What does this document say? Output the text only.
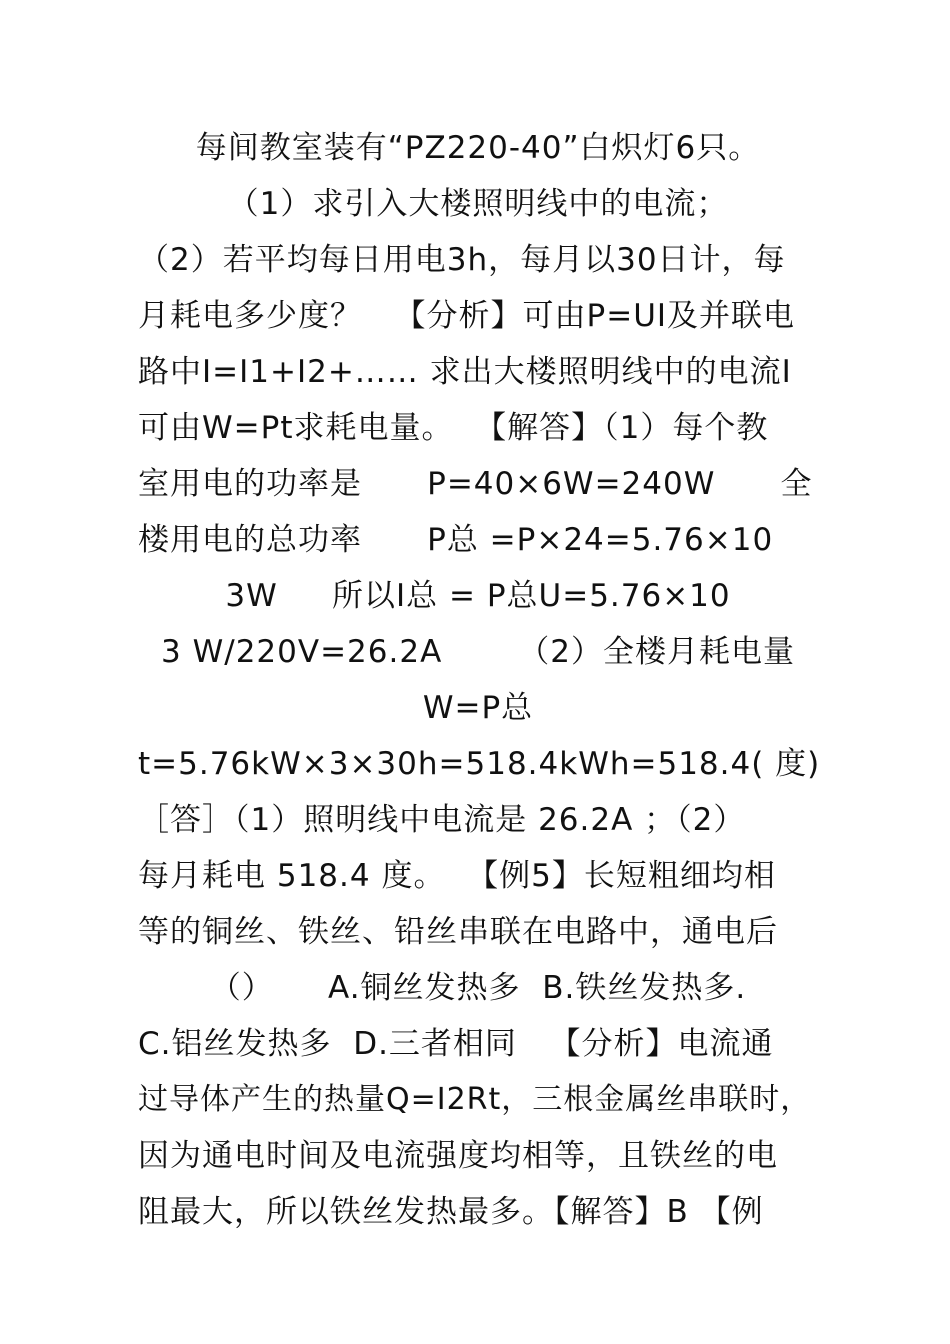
每间教室装有“PZ220-40”白炽灯6只。
（1）求引入大楼照明线中的电流；
（2）若平均每日用电3h，每月以30日计，每
月耗电多少度？   【分析】可由P=UI及并联电
路中I=I1+I2+…… 求出大楼照明线中的电流I
可由W=Pt求耗电量。  【解答】（1）每个教
室用电的功率是      P=40×6W=240W      全
楼用电的总功率      P总 =P×24=5.76×10
3W     所以I总 = P总U=5.76×10
3 W/220V=26.2A       （2）全楼月耗电量
W=P总
t=5.76kW×3×30h=518.4kWh=518.4( 度)
［答］（1）照明线中电流是 26.2A ；（2）
每月耗电 518.4 度。  【例5】长短粗细均相
等的铜丝、铁丝、铅丝串联在电路中，通电后
（）     A.铜丝发热多  B.铁丝发热多.
C.铝丝发热多  D.三者相同   【分析】电流通
过导体产生的热量Q=I2Rt，三根金属丝串联时，
因为通电时间及电流强度均相等，且铁丝的电
阻最大，所以铁丝发热最多。【解答】B 【例
